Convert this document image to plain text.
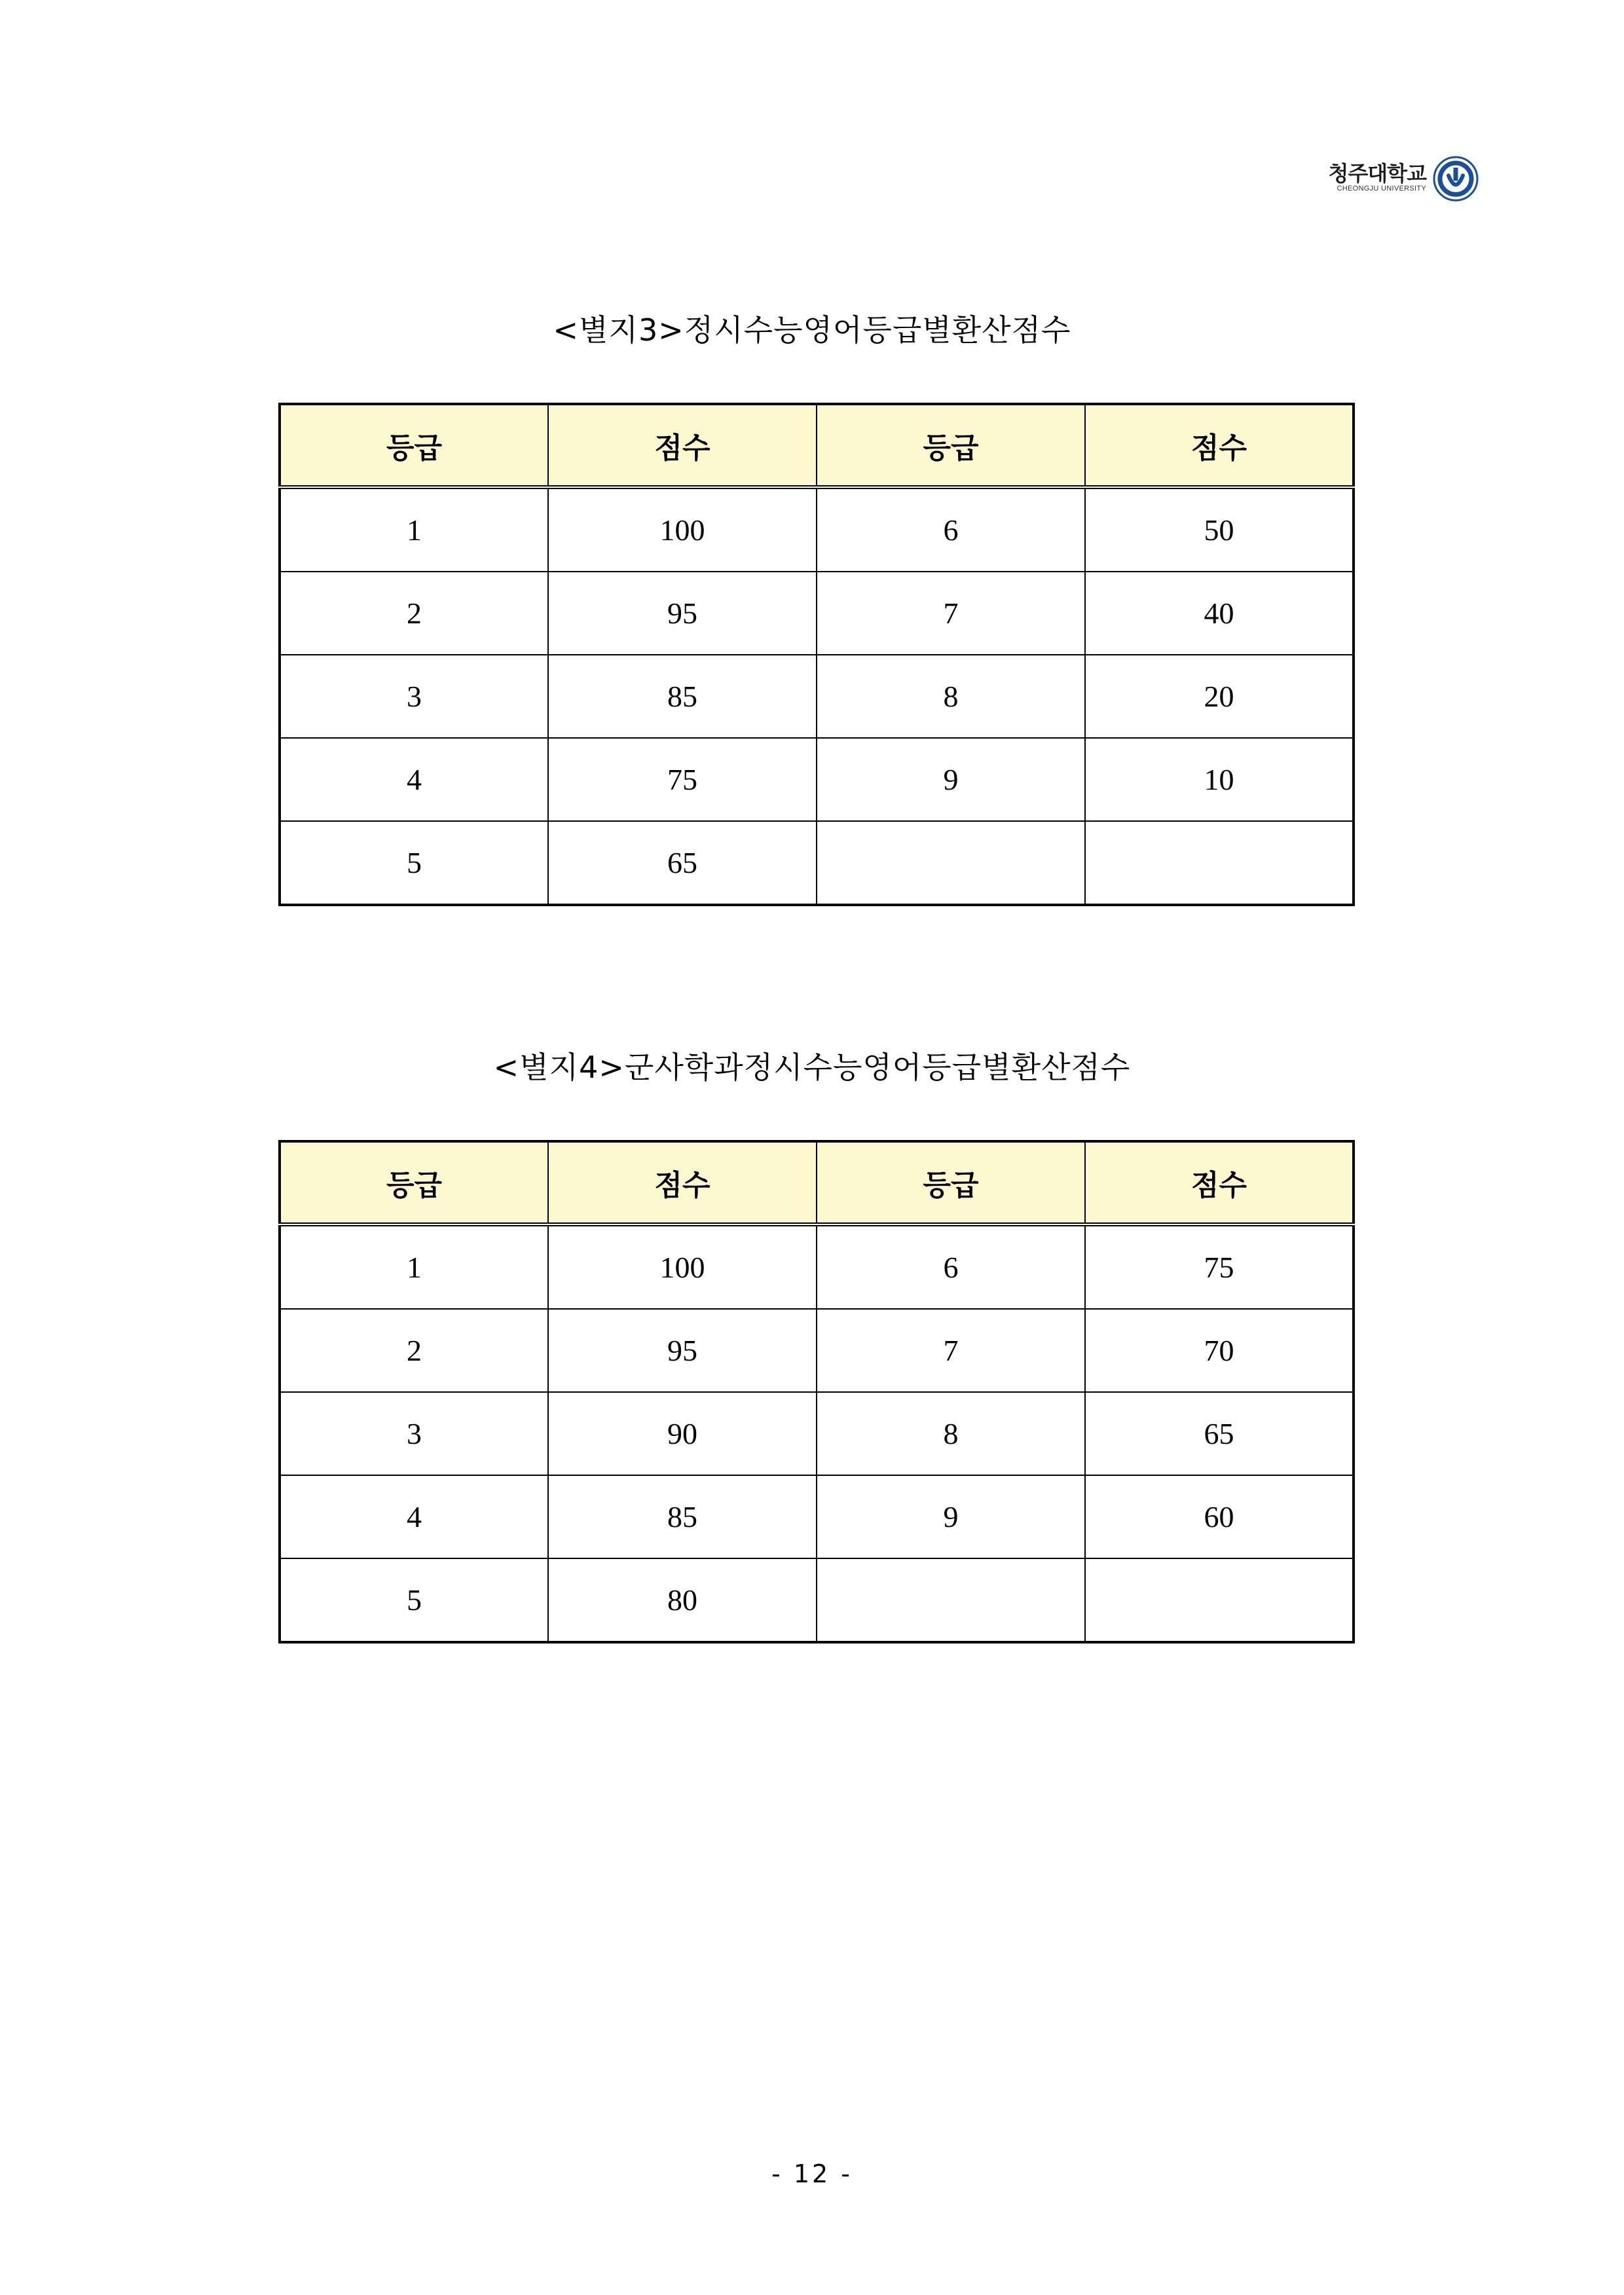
청주대학교
CHEONGJU UNIVERSITY
<별지3>정시수능영어등급별환산점수
등급	점수	등급	점수
1	100	6	50
2	95	7	40
3	85	8	20
4	75	9	10
5	65		
<별지4>군사학과정시수능영어등급별환산점수
등급	점수	등급	점수
1	100	6	75
2	95	7	70
3	90	8	65
4	85	9	60
5	80		
- 12 -
